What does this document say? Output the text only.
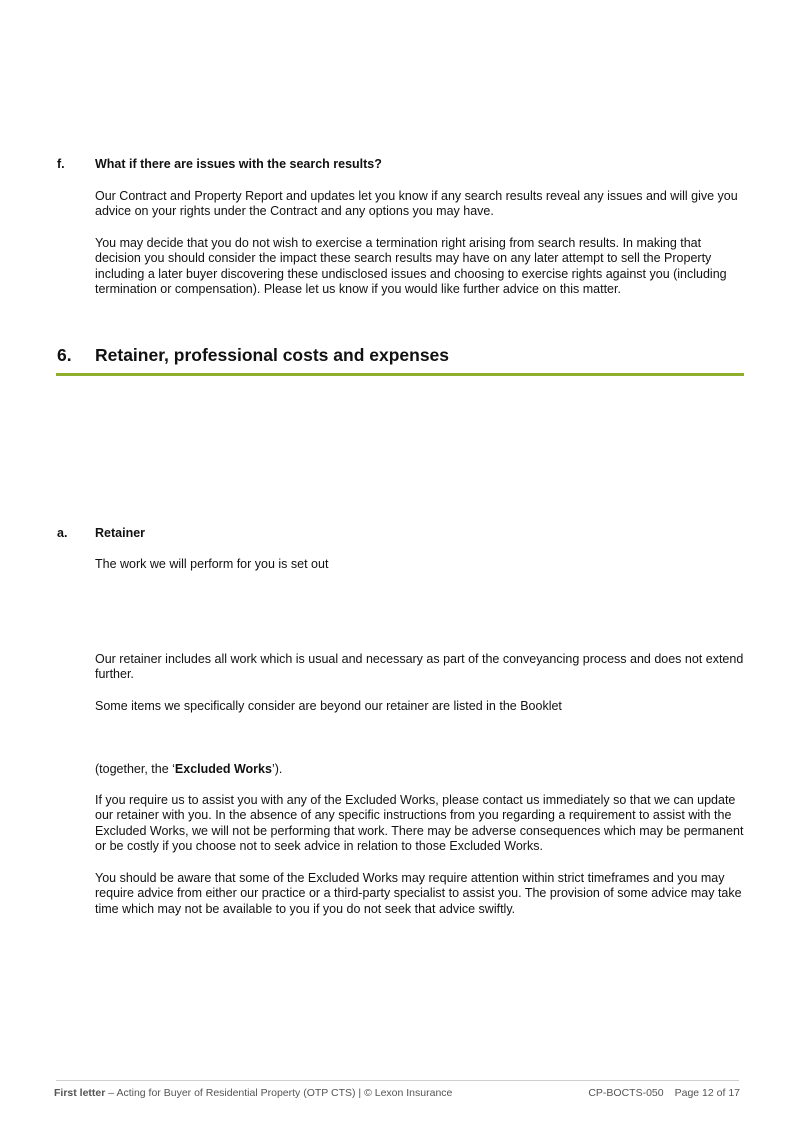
f. What if there are issues with the search results?

Our Contract and Property Report and updates let you know if any search results reveal any issues and will give you advice on your rights under the Contract and any options you may have.

You may decide that you do not wish to exercise a termination right arising from search results. In making that decision you should consider the impact these search results may have on any later attempt to sell the Property including a later buyer discovering these undisclosed issues and choosing to exercise rights against you (including termination or compensation). Please let us know if you would like further advice on this matter.

6. Retainer, professional costs and expenses
a. Retainer

The work we will perform for you is set out

Our retainer includes all work which is usual and necessary as part of the conveyancing process and does not extend further.

Some items we specifically consider are beyond our retainer are listed in the Booklet

(together, the ‘Excluded Works’).

If you require us to assist you with any of the Excluded Works, please contact us immediately so that we can update our retainer with you. In the absence of any specific instructions from you regarding a requirement to assist with the Excluded Works, we will not be performing that work. There may be adverse consequences which may be permanent or be costly if you choose not to seek advice in relation to those Excluded Works.

You should be aware that some of the Excluded Works may require attention within strict timeframes and you may require advice from either our practice or a third-party specialist to assist you. The provision of some advice may take time which may not be available to you if you do not seek that advice swiftly.

First letter – Acting for Buyer of Residential Property (OTP CTS) | © Lexon Insurance	CP-BOCTS-050 Page 12 of 17
